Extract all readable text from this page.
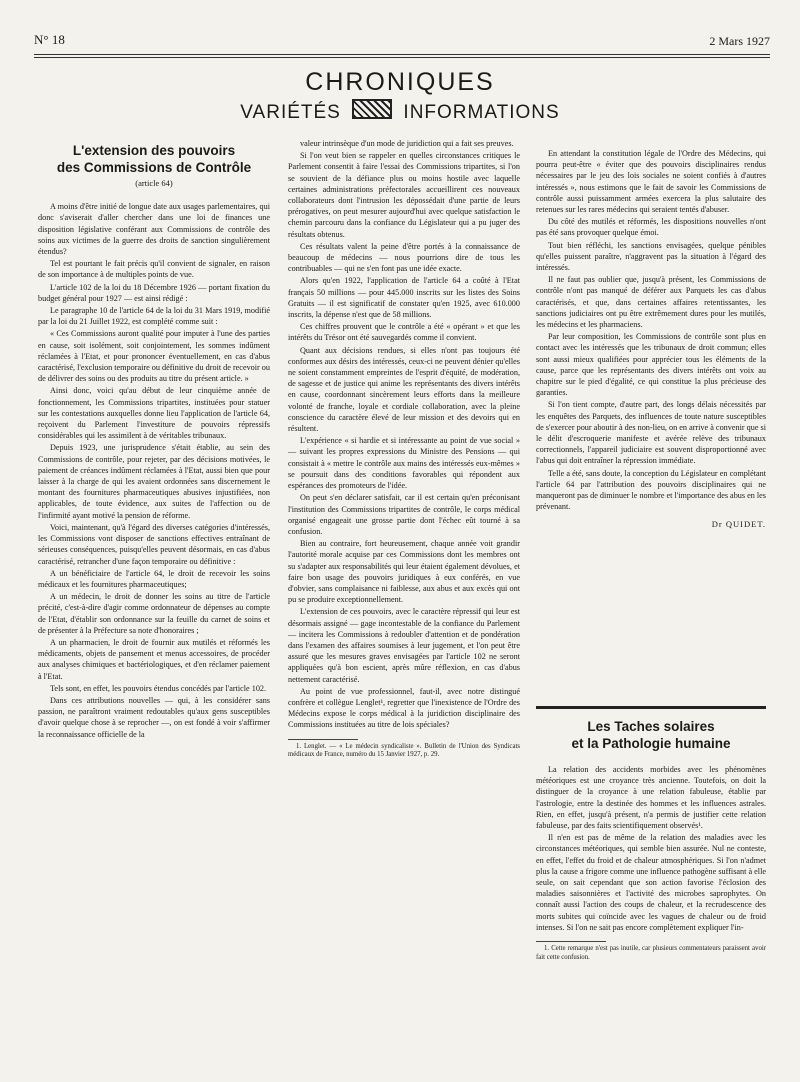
N° 18	2 Mars 1927
CHRONIQUES
VARIÉTÉS	INFORMATIONS
L'extension des pouvoirs
des Commissions de Contrôle
(article 64)

A moins d'être initié de longue date aux usages parlementaires, qui donc s'aviserait d'aller chercher dans une loi de finances une disposition législative conférant aux Commissions de contrôle des soins aux victimes de la guerre des droits de sanction singulièrement étendus?

Tel est pourtant le fait précis qu'il convient de signaler, en raison de son importance à de multiples points de vue.

L'article 102 de la loi du 18 Décembre 1926 — portant fixation du budget général pour 1927 — est ainsi rédigé :

Le paragraphe 10 de l'article 64 de la loi du 31 Mars 1919, modifié par la loi du 21 Juillet 1922, est complété comme suit :

« Ces Commissions auront qualité pour imputer à l'une des parties en cause, soit isolément, soit conjointement, les sommes indûment réclamées à l'Etat, et pour prononcer éventuellement, en cas d'abus caractérisé, l'exclusion temporaire ou définitive du droit de recevoir ou de délivrer des soins ou des produits au titre du présent article. »

Ainsi donc, voici qu'au début de leur cinquième année de fonctionnement, les Commissions tripartites, instituées pour statuer sur les contestations auxquelles donne lieu l'application de l'article 64, reçoivent du Parlement l'investiture de pouvoirs répressifs considérables qui les assimilent à de véritables tribunaux.

Depuis 1923, une jurisprudence s'était établie, au sein des Commissions de contrôle, pour rejeter, par des décisions motivées, le paiement de créances indûment réclamées à l'Etat, aussi bien que pour laisser à la charge de qui les avaient ordonnées sans discernement le montant des fournitures pharmaceutiques abusives injustifiées, non applicables, de toute évidence, aux suites de l'affection ou de l'infirmité ayant motivé la pension de réforme.

Voici, maintenant, qu'à l'égard des diverses catégories d'intéressés, les Commissions vont disposer de sanctions effectives entraînant de sérieuses conséquences, puisqu'elles peuvent désormais, en cas d'abus caractérisé, retrancher d'une façon temporaire ou définitive :

A un bénéficiaire de l'article 64, le droit de recevoir les soins médicaux et les fournitures pharmaceutiques;

A un médecin, le droit de donner les soins au titre de l'article précité, c'est-à-dire d'agir comme ordonnateur de dépenses au compte de l'Etat, d'établir son ordonnance sur la feuille du carnet de soins et de présenter à la Préfecture sa note d'honoraires ;

A un pharmacien, le droit de fournir aux mutilés et réformés les médicaments, objets de pansement et menus accessoires, de procéder aux analyses chimiques et bactériologiques, et d'en réclamer paiement à l'Etat.

Tels sont, en effet, les pouvoirs étendus concédés par l'article 102.

Dans ces attributions nouvelles — qui, à les considérer sans passion, ne paraîtront vraiment redoutables qu'aux gens susceptibles d'avoir quelque chose à se reprocher —, on est fondé à voir s'affirmer la reconnaissance officielle de la

valeur intrinsèque d'un mode de juridiction qui a fait ses preuves.

Si l'on veut bien se rappeler en quelles circonstances critiques le Parlement consentit à faire l'essai des Commissions tripartites, si l'on se souvient de la défiance plus ou moins hostile avec laquelle certaines administrations préfectorales accueillirent ces nouveaux collaborateurs dont l'intrusion les dépossédait d'une partie de leurs prérogatives, on peut mesurer aujourd'hui avec quelque satisfaction le chemin parcouru dans la confiance du Législateur qui a pu juger des résultats obtenus.

Ces résultats valent la peine d'être portés à la connaissance de beaucoup de médecins — nous pourrions dire de tous les contribuables — qui ne s'en font pas une idée exacte.

Alors qu'en 1922, l'application de l'article 64 a coûté à l'Etat français 50 millions — pour 445.000 inscrits sur les listes des Soins Gratuits — il est significatif de constater qu'en 1925, avec 610.000 inscrits, la dépense n'est que de 58 millions.

Ces chiffres prouvent que le contrôle a été « opérant » et que les intérêts du Trésor ont été sauvegardés comme il convient.

Quant aux décisions rendues, si elles n'ont pas toujours été conformes aux désirs des intéressés, ceux-ci ne peuvent dénier qu'elles ne soient constamment empreintes de l'esprit d'équité, de modération, de sagesse et de justice qui anime les représentants des divers intérêts en cause, coordonnant sincèrement leurs efforts dans la meilleure volonté de franche, loyale et cordiale collaboration, avec la pleine conscience du caractère élevé de leur mission et des devoirs qui en résultent.

L'expérience « si hardie et si intéressante au point de vue social » — suivant les propres expressions du Ministre des Pensions — qui consistait à « mettre le contrôle aux mains des intéressés eux-mêmes » se poursuit dans des conditions favorables qui répondent aux espérances des promoteurs de l'idée.

On peut s'en déclarer satisfait, car il est certain qu'en préconisant l'institution des Commissions tripartites de contrôle, le corps médical organisé engageait une grosse partie dont l'échec eût tourné à sa confusion.

Bien au contraire, fort heureusement, chaque année voit grandir l'autorité morale acquise par ces Commissions dont les membres ont su s'adapter aux responsabilités qui leur étaient également dévolues, et faire bon usage des pouvoirs juridiques à eux conférés, en vue d'obvier, sans complaisance ni faiblesse, aux abus et aux excès qui ont pu se produire exceptionnellement.

L'extension de ces pouvoirs, avec le caractère répressif qui leur est désormais assigné — gage incontestable de la confiance du Parlement — incitera les Commissions à redoubler d'attention et de pondération dans l'examen des affaires soumises à leur jugement, et l'on peut être assuré que les mesures graves envisagées par l'article 102 ne seront appliquées qu'à bon escient, après mûre réflexion, en cas d'abus nettement caractérisé.

Au point de vue professionnel, faut-il, avec notre distingué confrère et collègue Lenglet¹, regretter que l'inexistence de l'Ordre des Médecins expose le corps médical à la juridiction disciplinaire des Commissions instituées au titre de lois spéciales?

1. Lenglet. — « Le médecin syndicaliste ». Bulletin de l'Union des Syndicats médicaux de France, numéro du 15 Janvier 1927, p. 29.

En attendant la constitution légale de l'Ordre des Médecins, qui pourra peut-être « éviter que des pouvoirs disciplinaires rendus nécessaires par le jeu des lois sociales ne soient confiés à d'autres intéressés », nous estimons que le fait de savoir les Commissions de contrôle aussi puissamment armées exercera la plus salutaire des retenues sur les rares médecins qui seraient tentés d'abuser.

Du côté des mutilés et réformés, les dispositions nouvelles n'ont pas été sans provoquer quelque émoi.

Tout bien réfléchi, les sanctions envisagées, quelque pénibles qu'elles puissent paraître, n'aggravent pas la situation à l'égard des intéressés.

Il ne faut pas oublier que, jusqu'à présent, les Commissions de contrôle n'ont pas manqué de déférer aux Parquets les cas d'abus caractérisés, et que, dans certaines affaires retentissantes, les sanctions judiciaires ont pu être extrêmement dures pour les mutilés, les médecins et les pharmaciens.

Par leur composition, les Commissions de contrôle sont plus en contact avec les intéressés que les tribunaux de droit commun; elles sont aussi mieux qualifiées pour apprécier tous les éléments de la cause, parce que les représentants des divers intérêts ont voix au chapitre sur le pied d'égalité, ce qui constitue la plus précieuse des garanties.

Si l'on tient compte, d'autre part, des longs délais nécessités par les enquêtes des Parquets, des influences de toute nature susceptibles de s'exercer pour aboutir à des non-lieu, on en arrive à convenir que si le délit d'escroquerie manifeste et avérée relève des tribunaux correctionnels, l'appareil judiciaire est souvent disproportionné avec l'abus qui doit entraîner la répression immédiate.

Telle a été, sans doute, la conception du Législateur en complétant l'article 64 par l'attribution des pouvoirs disciplinaires qui ne manqueront pas de diminuer le nombre et l'importance des abus en les prévenant.

Dr QUIDET.
Les Taches solaires
et la Pathologie humaine

La relation des accidents morbides avec les phénomènes météoriques est une croyance très ancienne. Toutefois, on doit la distinguer de la croyance à une relation fabuleuse, établie par l'astrologie, entre la destinée des hommes et les influences astrales. Rien, en effet, jusqu'à présent, n'a permis de justifier cette relation fabuleuse, par des faits scientifiquement observés¹.

Il n'en est pas de même de la relation des maladies avec les circonstances météoriques, qui semble bien assurée. Nul ne conteste, en effet, l'effet du froid et de chaleur atmosphériques. Si l'on n'admet plus la cause a frigore comme une influence pathogène suffisant à elle seule, on sait cependant que son action favorise l'éclosion des maladies saisonnières et l'activité des microbes saprophytes. On connaît aussi l'action des coups de chaleur, et la recrudescence des morts subites qui coïncide avec les vagues de chaleur ou de froid intenses. Si l'on ne sait pas encore complètement expliquer l'in-

1. Cette remarque n'est pas inutile, car plusieurs commentateurs paraissent avoir fait cette confusion.
